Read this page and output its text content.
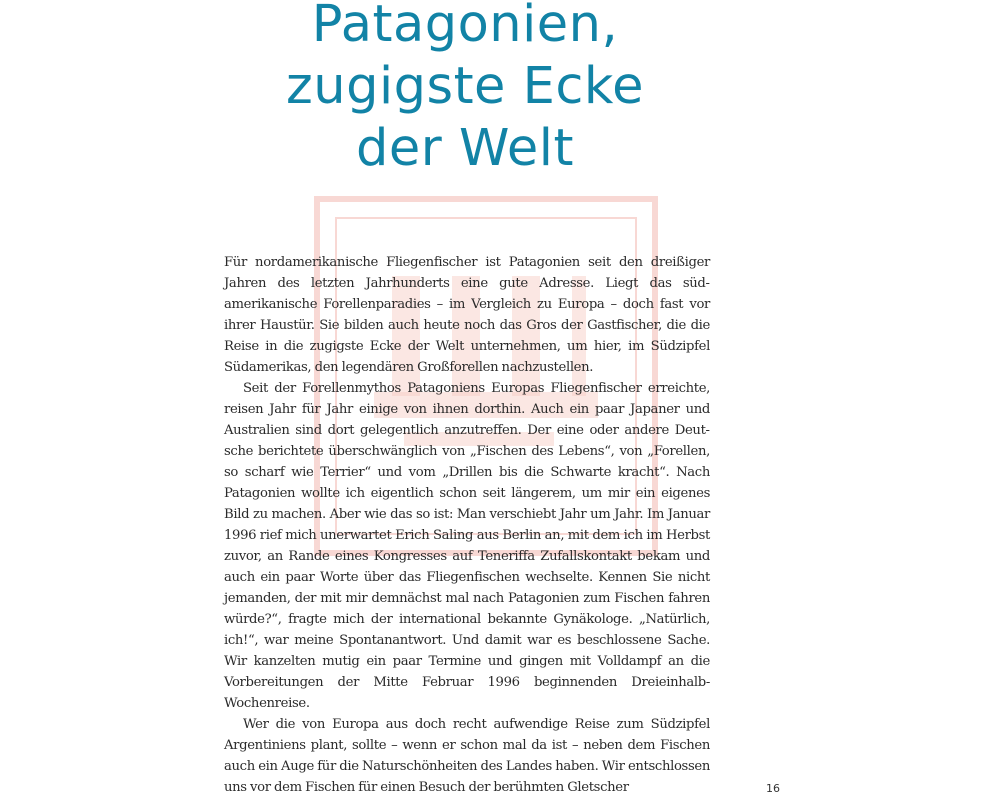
Patagonien,
zugigste Ecke
der Welt

Für nordamerikanische Fliegenfischer ist Patagonien seit den dreißiger Jahren des letzten Jahrhunderts eine gute Adresse. Liegt das südamerikanische Forellenparadies – im Vergleich zu Europa – doch fast vor ihrer Haustür. Sie bilden auch heute noch das Gros der Gastfischer, die die Reise in die zugigste Ecke der Welt unternehmen, um hier, im Südzipfel Südamerikas, den legendären Großforellen nachzustellen.

Seit der Forellenmythos Patagoniens Europas Fliegenfischer erreichte, reisen Jahr für Jahr einige von ihnen dorthin. Auch ein paar Japaner und Australien sind dort gelegentlich anzutreffen. Der eine oder andere Deutsche berichtete überschwänglich von „Fischen des Lebens“, von „Forellen, so scharf wie Terrier“ und vom „Drillen bis die Schwarte kracht“. Nach Patagonien wollte ich eigentlich schon seit längerem, um mir ein eigenes Bild zu machen. Aber wie das so ist: Man verschiebt Jahr um Jahr. Im Januar 1996 rief mich unerwartet Erich Saling aus Berlin an, mit dem ich im Herbst zuvor, an Rande eines Kongresses auf Teneriffa Zufallskontakt bekam und auch ein paar Worte über das Fliegenfischen wechselte. Kennen Sie nicht jemanden, der mit mir demnächst mal nach Patagonien zum Fischen fahren würde?“, fragte mich der international bekannte Gynäkologe. „Natürlich, ich!“, war meine Spontanantwort. Und damit war es beschlossene Sache. Wir kanzelten mutig ein paar Termine und gingen mit Volldampf an die Vorbereitungen der Mitte Februar 1996 beginnenden Dreieinhalb-Wochenreise.

Wer die von Europa aus doch recht aufwendige Reise zum Südzipfel Argentiniens plant, sollte – wenn er schon mal da ist – neben dem Fischen auch ein Auge für die Naturschönheiten des Landes haben. Wir entschlossen uns vor dem Fischen für einen Besuch der berühmten Gletscher	16
